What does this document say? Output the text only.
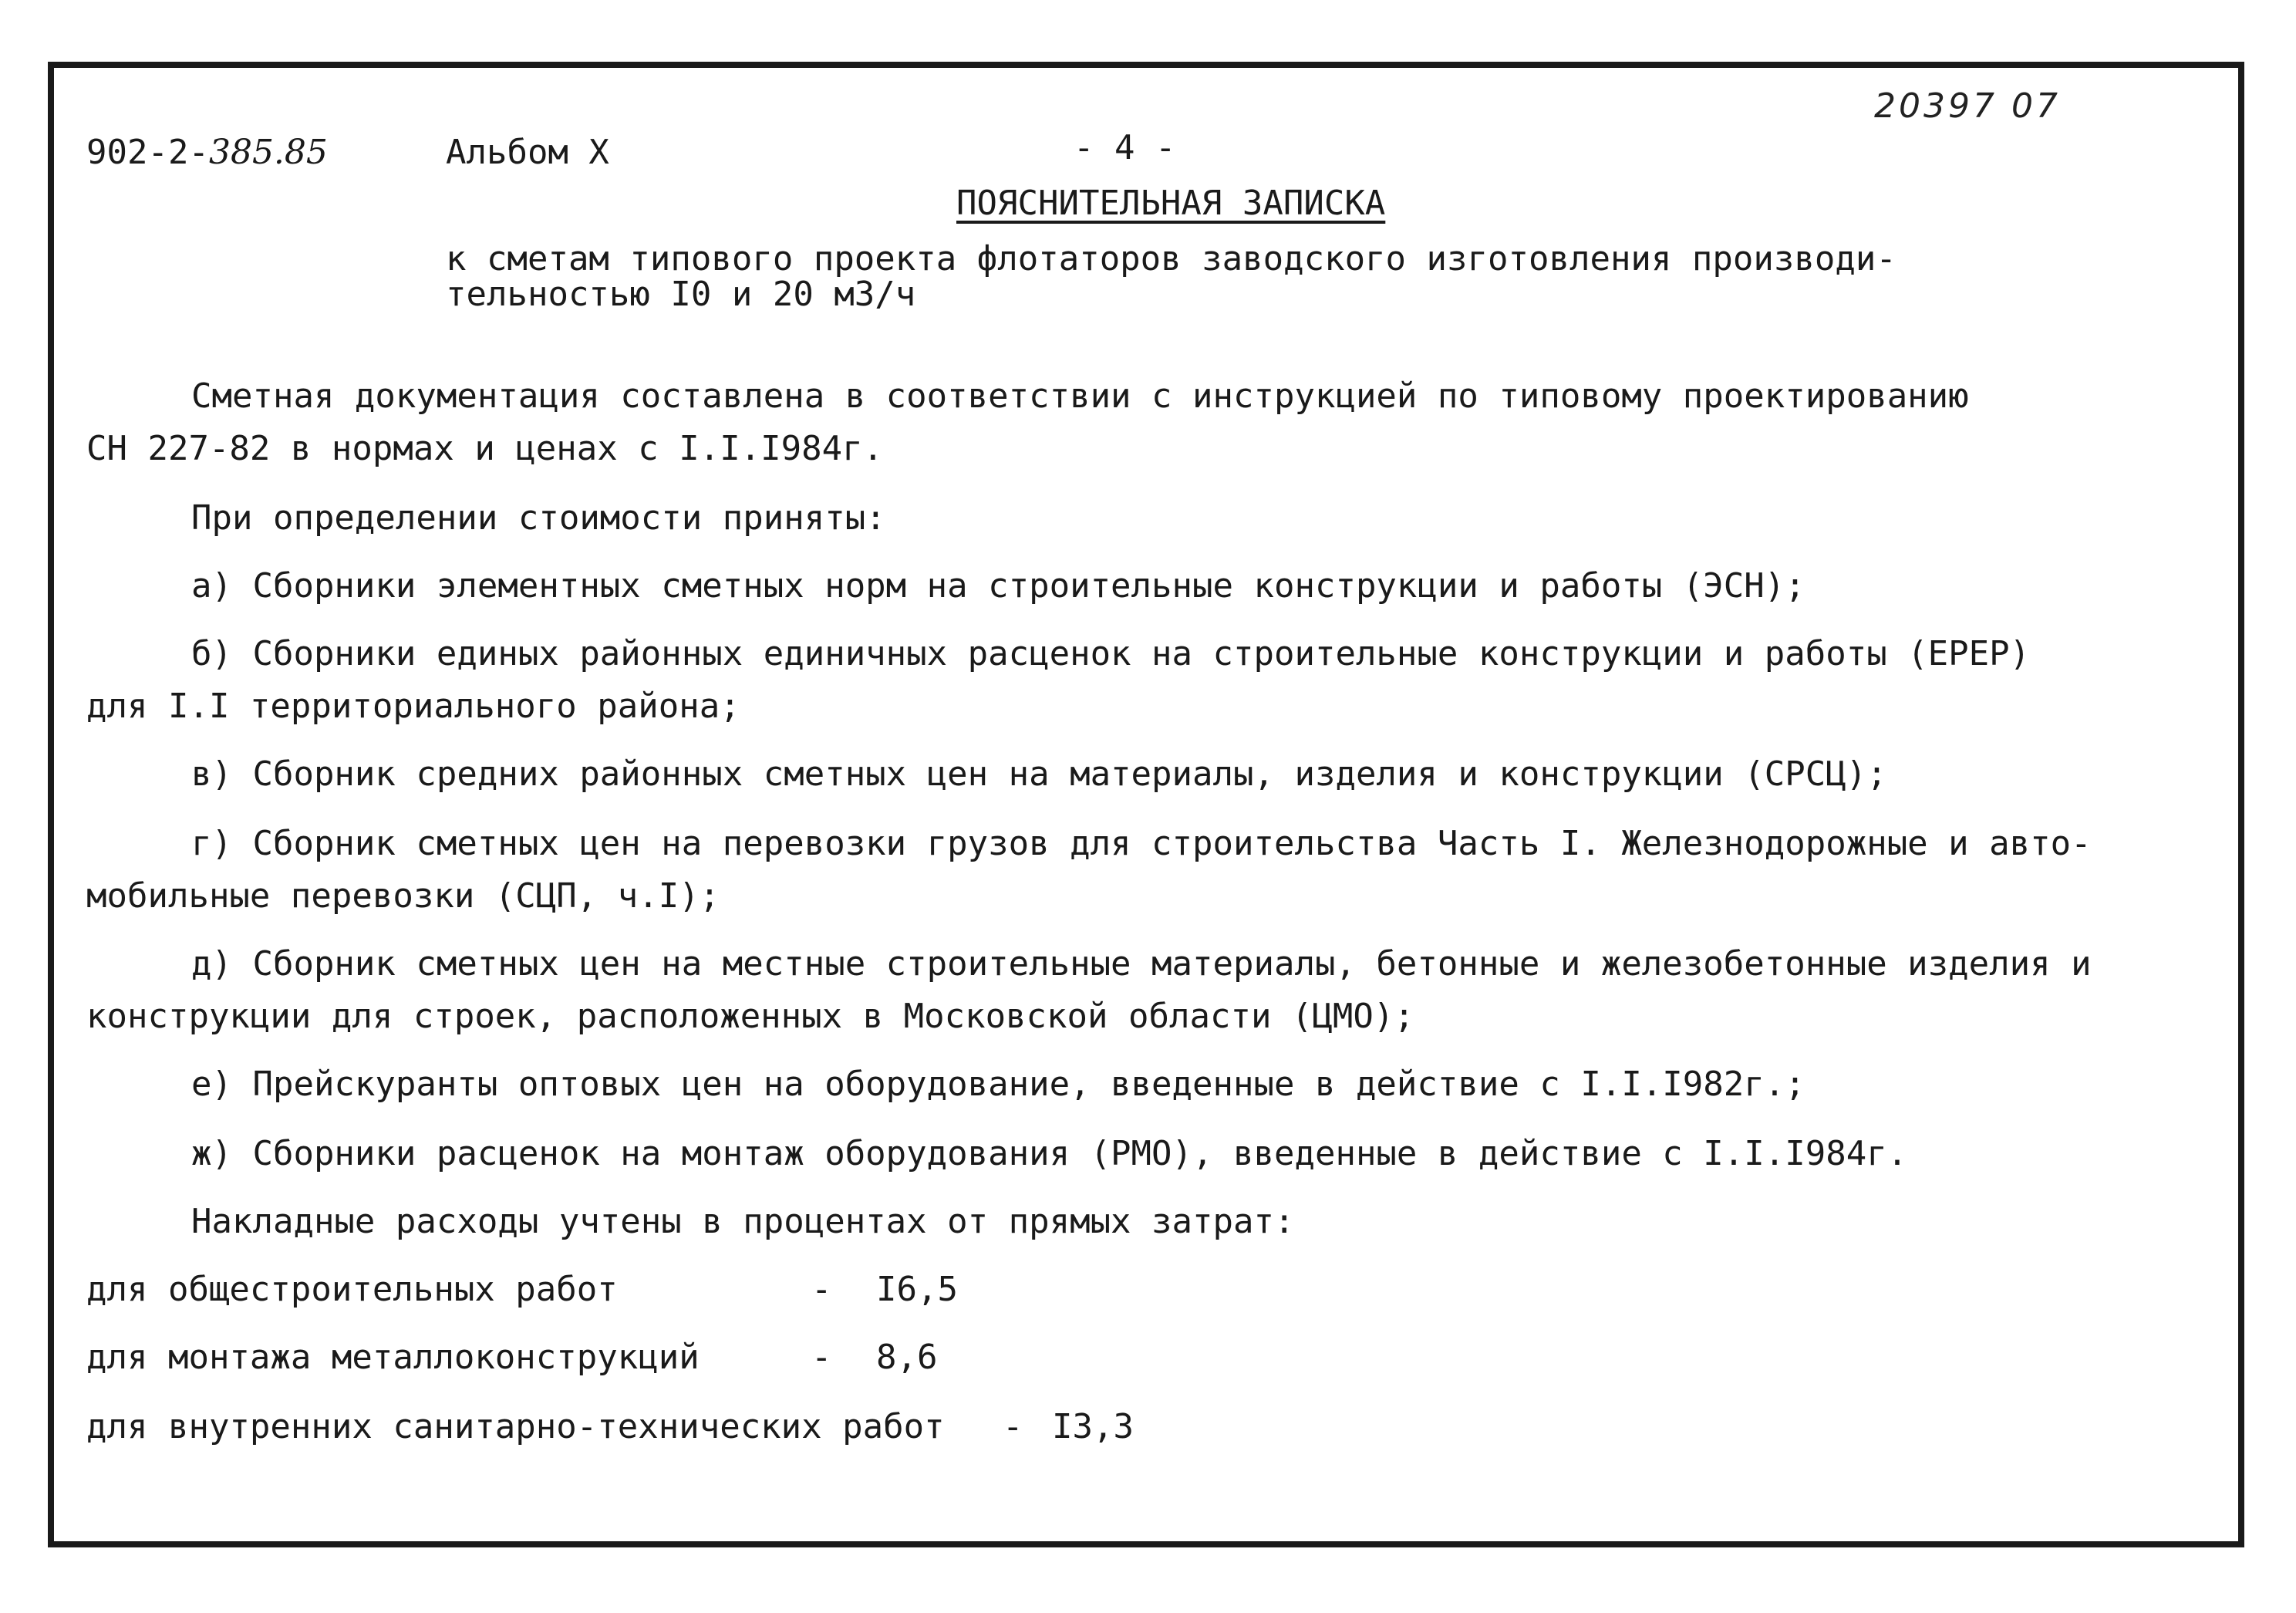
20397 07
902-2-385.85	Альбом X	- 4 -
ПОЯСНИТЕЛЬНАЯ ЗАПИСКА
к сметам типового проекта флотаторов заводского изготовления производи-
тельностью I0 и 20 м3/ч
Сметная документация составлена в соответствии с инструкцией по типовому проектированию
СН 227-82 в нормах и ценах с I.I.I984г.
При определении стоимости приняты:
а) Сборники элементных сметных норм на строительные конструкции и работы (ЭСН);
б) Сборники единых районных единичных расценок на строительные конструкции и работы (ЕРЕР)
для I.I территориального района;
в) Сборник средних районных сметных цен на материалы, изделия и конструкции (СРСЦ);
г) Сборник сметных цен на перевозки грузов для строительства Часть I. Железнодорожные и авто-
мобильные перевозки (СЦП, ч.I);
д) Сборник сметных цен на местные строительные материалы, бетонные и железобетонные изделия и
конструкции для строек, расположенных в Московской области (ЦМО);
е) Прейскуранты оптовых цен на оборудование, введенные в действие с I.I.I982г.;
ж) Сборники расценок на монтаж оборудования (РМО), введенные в действие с I.I.I984г.
Накладные расходы учтены в процентах от прямых затрат:
для общестроительных работ	- I6,5
для монтажа металлоконструкций	- 8,6
для внутренних санитарно-технических работ - I3,3
